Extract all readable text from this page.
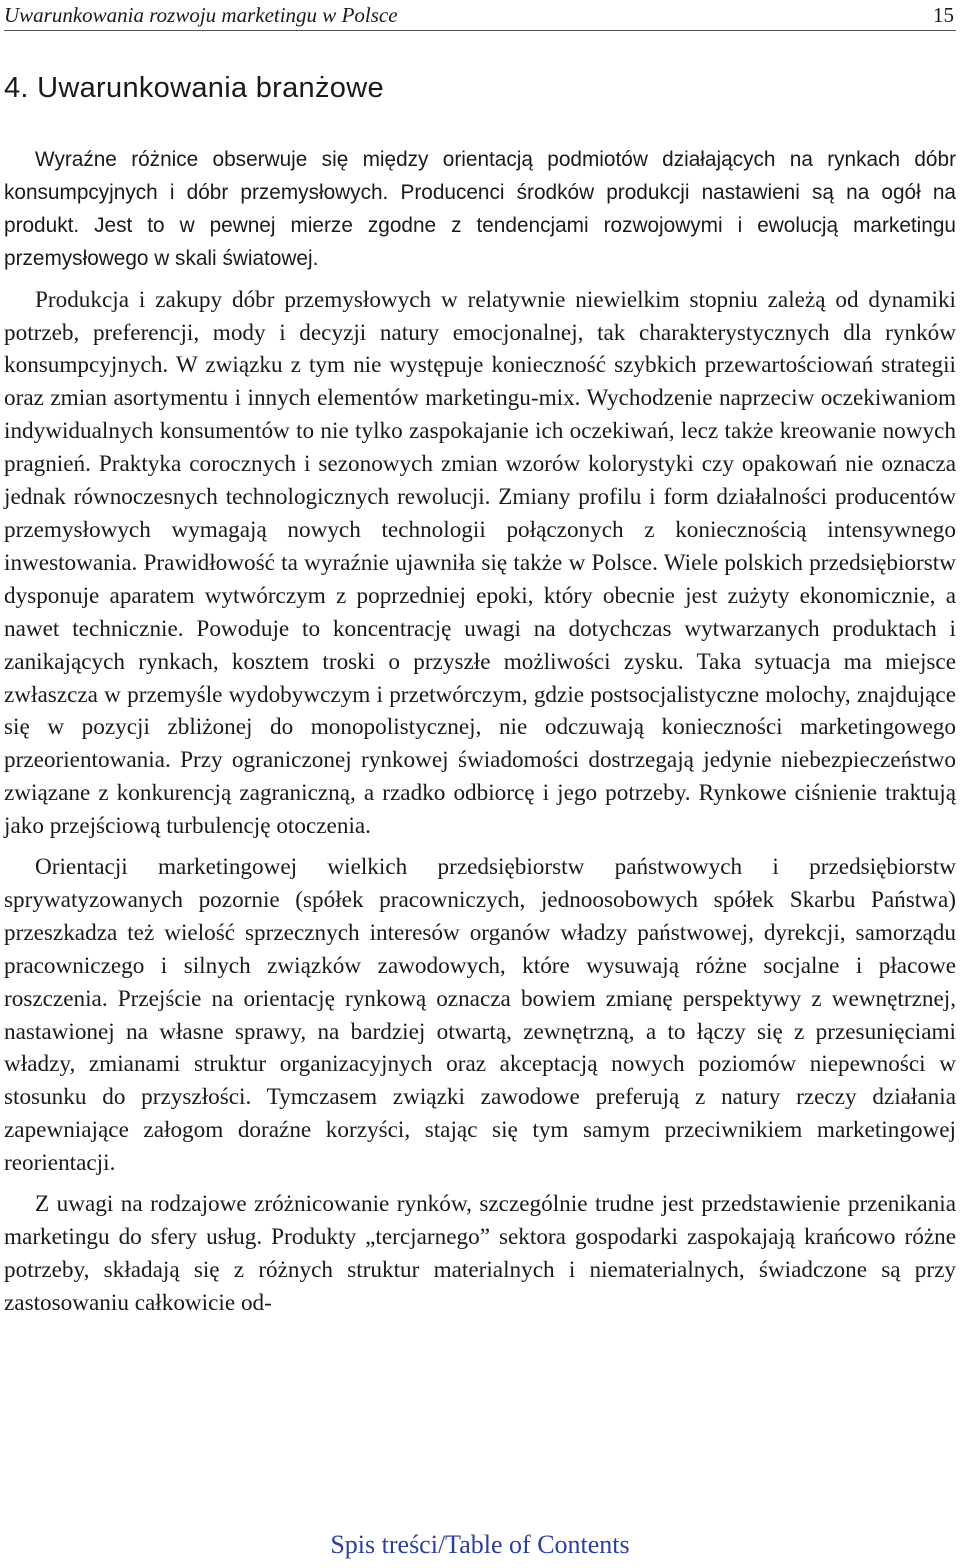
Uwarunkowania rozwoju marketingu w Polsce	15
4. Uwarunkowania branżowe

Wyraźne różnice obserwuje się między orientacją podmiotów działających na rynkach dóbr konsumpcyjnych i dóbr przemysłowych. Producenci środków produkcji nastawieni są na ogół na produkt. Jest to w pewnej mierze zgodne z tendencjami rozwojowymi i ewolucją marketingu przemysłowego w skali światowej.

Produkcja i zakupy dóbr przemysłowych w relatywnie niewielkim stopniu zależą od dynamiki potrzeb, preferencji, mody i decyzji natury emocjonalnej, tak charakterystycznych dla rynków konsumpcyjnych. W związku z tym nie występuje konieczność szybkich przewartościowań strategii oraz zmian asortymentu i innych elementów marketingu-mix. Wychodzenie naprzeciw oczekiwaniom indywidualnych konsumentów to nie tylko zaspokajanie ich oczekiwań, lecz także kreowanie nowych pragnień. Praktyka corocznych i sezonowych zmian wzorów kolorystyki czy opakowań nie oznacza jednak równoczesnych technologicznych rewolucji. Zmiany profilu i form działalności producentów przemysłowych wymagają nowych technologii połączonych z koniecznością intensywnego inwestowania. Prawidłowość ta wyraźnie ujawniła się także w Polsce. Wiele polskich przedsiębiorstw dysponuje aparatem wytwórczym z poprzedniej epoki, który obecnie jest zużyty ekonomicznie, a nawet technicznie. Powoduje to koncentrację uwagi na dotychczas wytwarzanych produktach i zanikających rynkach, kosztem troski o przyszłe możliwości zysku. Taka sytuacja ma miejsce zwłaszcza w przemyśle wydobywczym i przetwórczym, gdzie postsocjalistyczne molochy, znajdujące się w pozycji zbliżonej do monopolistycznej, nie odczuwają konieczności marketingowego przeorientowania. Przy ograniczonej rynkowej świadomości dostrzegają jedynie niebezpieczeństwo związane z konkurencją zagraniczną, a rzadko odbiorcę i jego potrzeby. Rynkowe ciśnienie traktują jako przejściową turbulencję otoczenia.

Orientacji marketingowej wielkich przedsiębiorstw państwowych i przedsiębiorstw sprywatyzowanych pozornie (spółek pracowniczych, jednoosobowych spółek Skarbu Państwa) przeszkadza też wielość sprzecznych interesów organów władzy państwowej, dyrekcji, samorządu pracowniczego i silnych związków zawodowych, które wysuwają różne socjalne i płacowe roszczenia. Przejście na orientację rynkową oznacza bowiem zmianę perspektywy z wewnętrznej, nastawionej na własne sprawy, na bardziej otwartą, zewnętrzną, a to łączy się z przesunięciami władzy, zmianami struktur organizacyjnych oraz akceptacją nowych poziomów niepewności w stosunku do przyszłości. Tymczasem związki zawodowe preferują z natury rzeczy działania zapewniające załogom doraźne korzyści, stając się tym samym przeciwnikiem marketingowej reorientacji.

Z uwagi na rodzajowe zróżnicowanie rynków, szczególnie trudne jest przedstawienie przenikania marketingu do sfery usług. Produkty „tercjarnego” sektora gospodarki zaspokajają krańcowo różne potrzeby, składają się z różnych struktur materialnych i niematerialnych, świadczone są przy zastosowaniu całkowicie od-

Spis treści/Table of Contents
